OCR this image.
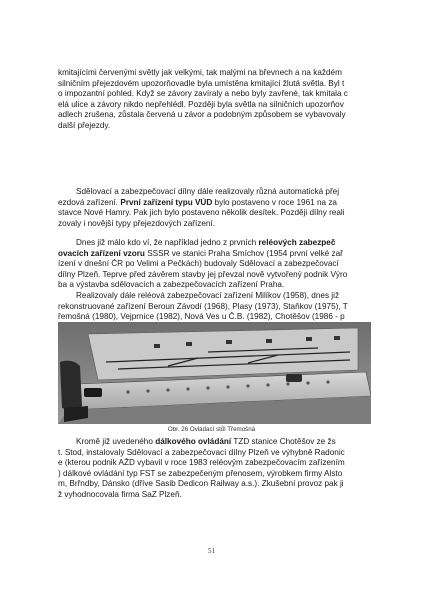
kmitajícími červenými světly jak velkými, tak malými na břevnech a na každém
silničním přejezdovém upozorňovadle byla umístěna kmitající žlutá světla. Byl t
o impozantní pohled. Když se závory zavíraly a nebo byly zavřené, tak kmitala c
elá ulice a závory nikdo nepřehlédl. Později byla světla na silničních upozorňov
adlech zrušena, zůstala červená u závor a podobným způsobem se vybavovaly
další přejezdy.
Sdělovací a zabezpečovací dílny dále realizovaly různá automatická přej
ezdová zařízení. První zařízení typu VÚD bylo postaveno v roce 1961 na za
stavce Nové Hamry. Pak jich bylo postaveno několik desítek. Později dílny reali
zovaly i novější typy přejezdových zařízení.
Dnes již málo kdo ví, že například jedno z prvních reléových zabezpeč
ovacích zařízení vzoru SSSR ve stanici Praha Smíchov (1954 první velké zař
ízení v dnešní ČR po Velimi a Pečkách) budovaly Sdělovací a zabezpečovací
dílny Plzeň. Teprve před závěrem stavby jej převzal nově vytvořený podnik Výro
ba a výstavba sdělovacích a zabezpečovacích zařízení Praha.
Realizovaly dále reléová zabezpečovací zařízení Milíkov (1958), dnes již
rekonstruované zařízení Beroun Závodí (1968), Plasy (1973), Staňkov (1975), T
řemošná (1980), Vejprnice (1982), Nová Ves u Č.B. (1982), Chotěšov (1986 - p
Obr. 26 Ovládací stůl Třemošná
Kromě již uvedeného dálkového ovládání TZD stanice Chotěšov ze žs
t. Stod, instalovaly Sdělovací a zabezpečovací dílny Plzeň ve výhybně Radonic
e (kterou podnik AŽD vybavil v roce 1983 reléovým zabezpečovacím zařízením
) dálkové ovládání typ FST se zabezpečeným přenosem, výrobkem firmy Alsto
m, Brřndby, Dánsko (dříve Sasib Dedicon Railway a.s.). Zkušební provoz pak ji
ž vyhodnocovala firma SaZ Plzeň.
51
